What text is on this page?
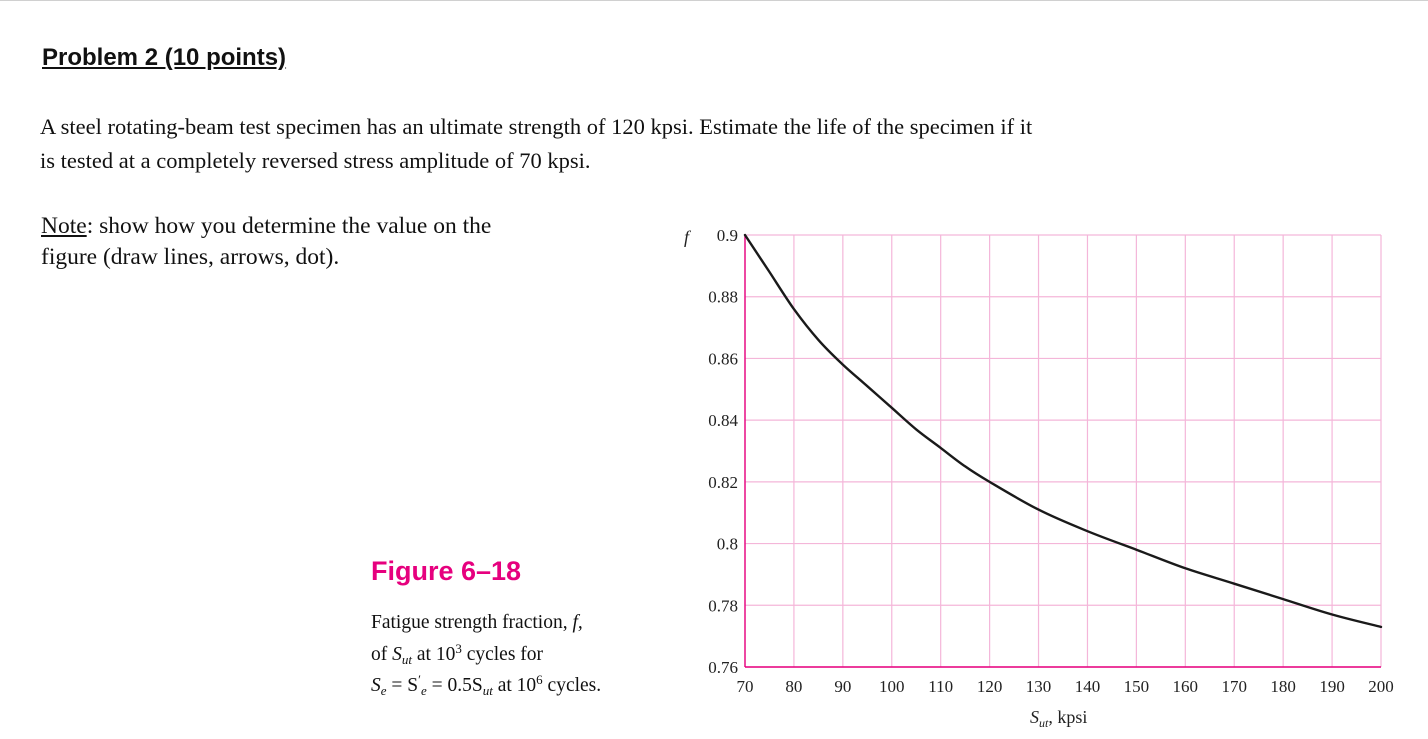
Problem 2 (10 points)

A steel rotating-beam test specimen has an ultimate strength of 120 kpsi. Estimate the life of the specimen if it is tested at a completely reversed stress amplitude of 70 kpsi.

Note: show how you determine the value on the figure (draw lines, arrows, dot).

Figure 6–18
Fatigue strength fraction, f,
of $S_{ut}$ at $10^3$ cycles for
$S_e = S'_e = 0.5S_{ut}$ at $10^6$ cycles.
0.76
0.78
0.8
0.82
0.84
0.86
0.88
0.9
70 80 90 100 110 120 130 140 150 160 170 180 190 200
f
$S_{ut}$, kpsi
